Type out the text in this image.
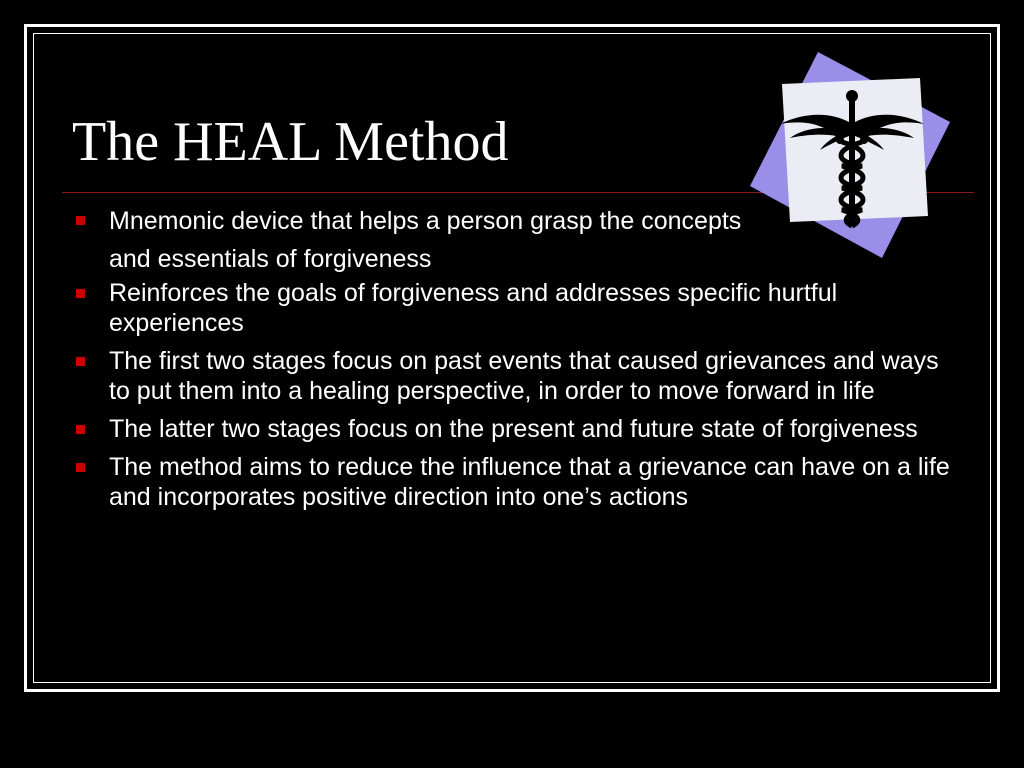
The HEAL Method
Mnemonic device that helps a person grasp the concepts and essentials of forgiveness
Reinforces the goals of forgiveness and addresses specific hurtful experiences
The first two stages focus on past events that caused grievances and ways to put them into a healing perspective, in order to move forward in life
The latter two stages focus on the present and future state of forgiveness
The method aims to reduce the influence that a grievance can have on a life and incorporates positive direction into one’s actions
